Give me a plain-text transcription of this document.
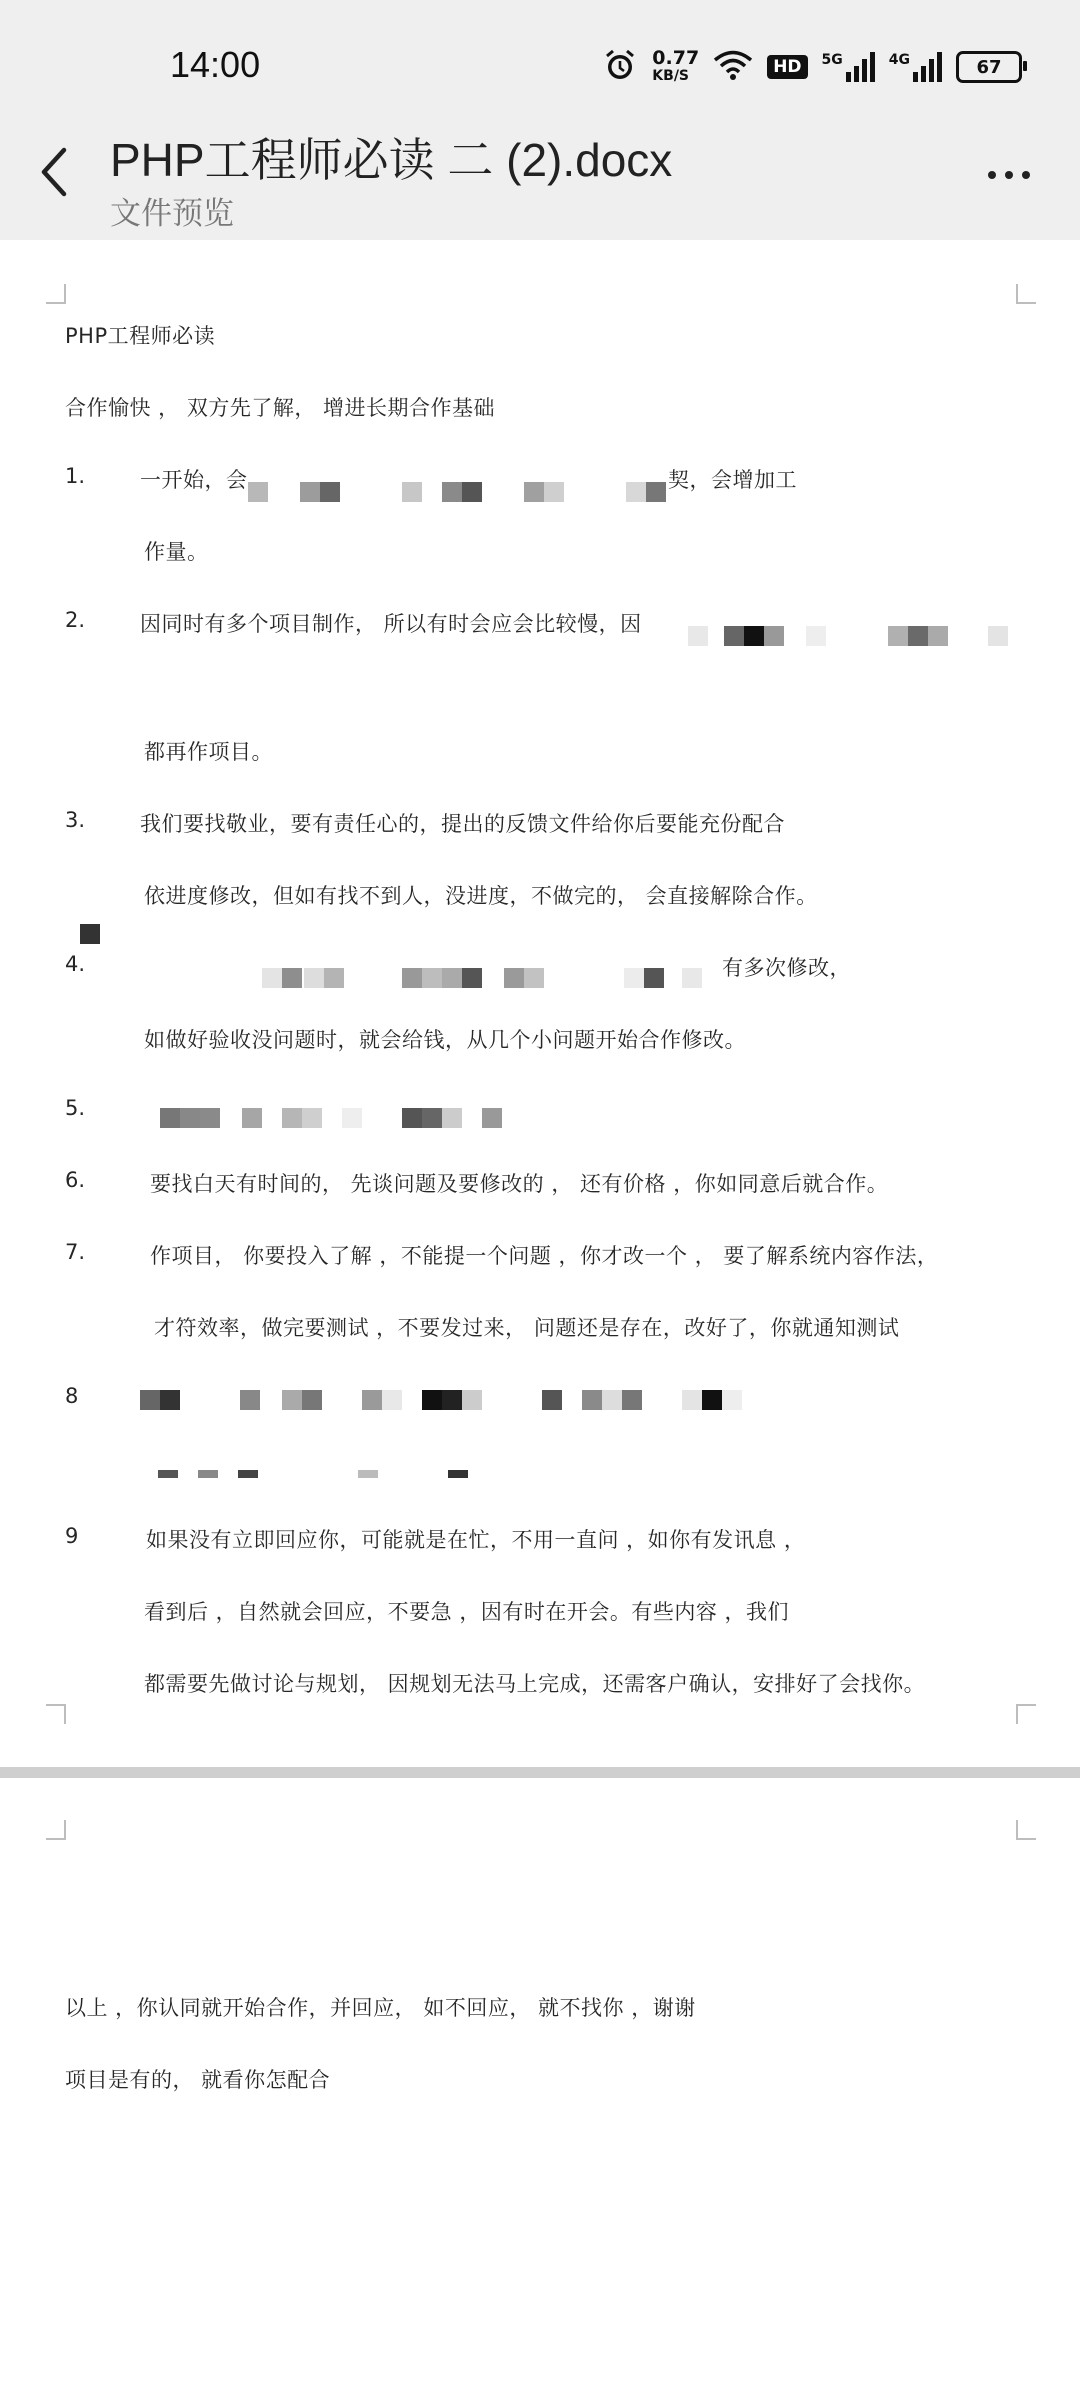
14:00	0.77
KB/S	HD	5G	4G	67
PHP工程师必读 二 (2).docx
文件预览
PHP工程师必读
合作愉快 ， 双方先了解， 增进长期合作基础
1.	一开始，会	契，会增加工
作量。
2.	因同时有多个项目制作， 所以有时会应会比较慢，因
都再作项目。
3.	我们要找敬业，要有责任心的，提出的反馈文件给你后要能充份配合
依进度修改，但如有找不到人，没进度，不做完的， 会直接解除合作。
4.	有多次修改，
如做好验收没问题时，就会给钱，从几个小问题开始合作修改。
5.
6.	要找白天有时间的， 先谈问题及要修改的 ， 还有价格 ，你如同意后就合作。
7.	作项目， 你要投入了解 ，不能提一个问题 ，你才改一个 ， 要了解系统内容作法，
才符效率，做完要测试 ，不要发过来， 问题还是存在，改好了，你就通知测试
8
9	如果没有立即回应你，可能就是在忙，不用一直问 ，如你有发讯息 ，
看到后 ，自然就会回应，不要急 ，因有时在开会。有些内容 ，我们
都需要先做讨论与规划， 因规划无法马上完成，还需客户确认，安排好了会找你。
以上 ，你认同就开始合作，并回应， 如不回应， 就不找你 ，谢谢
项目是有的， 就看你怎配合
